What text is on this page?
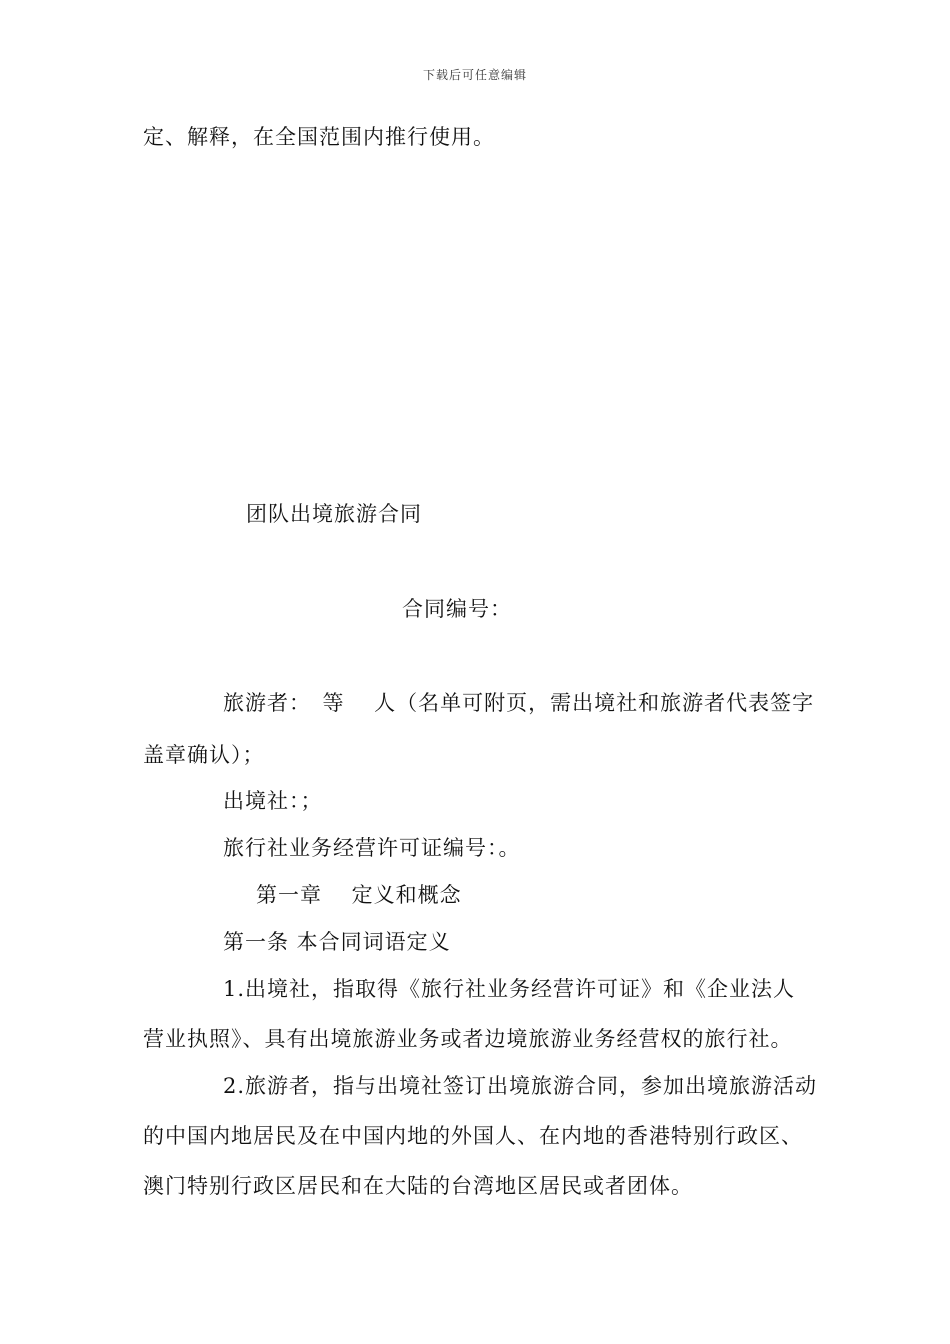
下载后可任意编辑
定、解释，在全国范围内推行使用。
团队出境旅游合同
合同编号：
旅游者：　等　 人（名单可附页，需出境社和旅游者代表签字
盖章确认）；
出境社：；
旅行社业务经营许可证编号：。
第一章　 定义和概念
第一条 本合同词语定义
1.出境社，指取得《旅行社业务经营许可证》和《企业法人
营业执照》、具有出境旅游业务或者边境旅游业务经营权的旅行社。
2.旅游者，指与出境社签订出境旅游合同，参加出境旅游活动
的中国内地居民及在中国内地的外国人、在内地的香港特别行政区、
澳门特别行政区居民和在大陆的台湾地区居民或者团体。
